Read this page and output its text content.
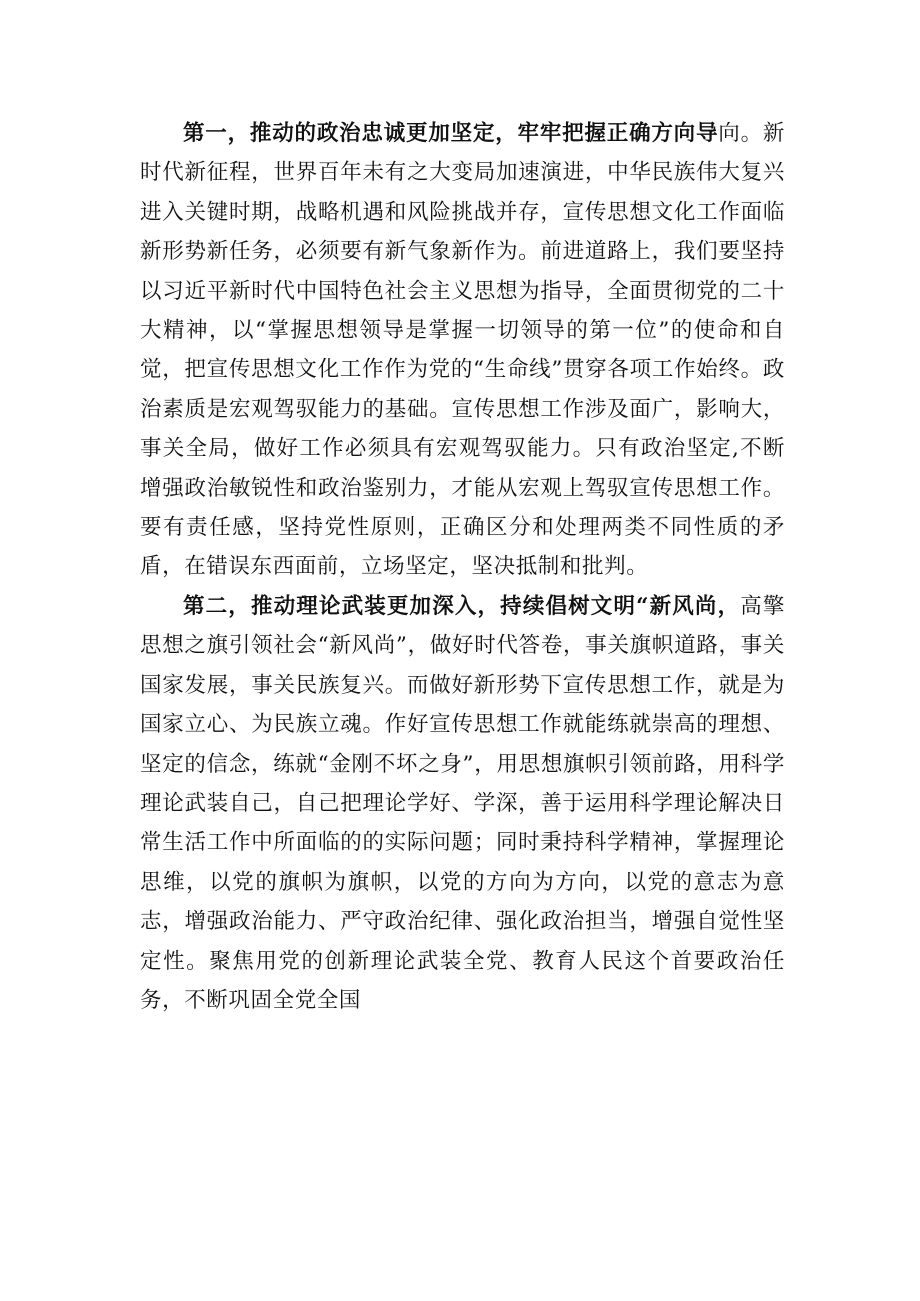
第一，推动的政治忠诚更加坚定，牢牢把握正确方向导向。新时代新征程，世界百年未有之大变局加速演进，中华民族伟大复兴进入关键时期，战略机遇和风险挑战并存，宣传思想文化工作面临新形势新任务，必须要有新气象新作为。前进道路上，我们要坚持以习近平新时代中国特色社会主义思想为指导，全面贯彻党的二十大精神，以“掌握思想领导是掌握一切领导的第一位”的使命和自觉，把宣传思想文化工作作为党的“生命线”贯穿各项工作始终。政治素质是宏观驾驭能力的基础。宣传思想工作涉及面广，影响大，事关全局，做好工作必须具有宏观驾驭能力。只有政治坚定,不断增强政治敏锐性和政治鉴别力，才能从宏观上驾驭宣传思想工作。要有责任感，坚持党性原则，正确区分和处理两类不同性质的矛盾，在错误东西面前，立场坚定，坚决抵制和批判。

第二，推动理论武装更加深入，持续倡树文明“新风尚，高擎思想之旗引领社会“新风尚”，做好时代答卷，事关旗帜道路，事关国家发展，事关民族复兴。而做好新形势下宣传思想工作，就是为国家立心、为民族立魂。作好宣传思想工作就能练就崇高的理想、坚定的信念，练就“金刚不坏之身”，用思想旗帜引领前路，用科学理论武装自己，自己把理论学好、学深，善于运用科学理论解决日常生活工作中所面临的的实际问题；同时秉持科学精神，掌握理论思维，以党的旗帜为旗帜，以党的方向为方向，以党的意志为意志，增强政治能力、严守政治纪律、强化政治担当，增强自觉性坚定性。聚焦用党的创新理论武装全党、教育人民这个首要政治任务，不断巩固全党全国
